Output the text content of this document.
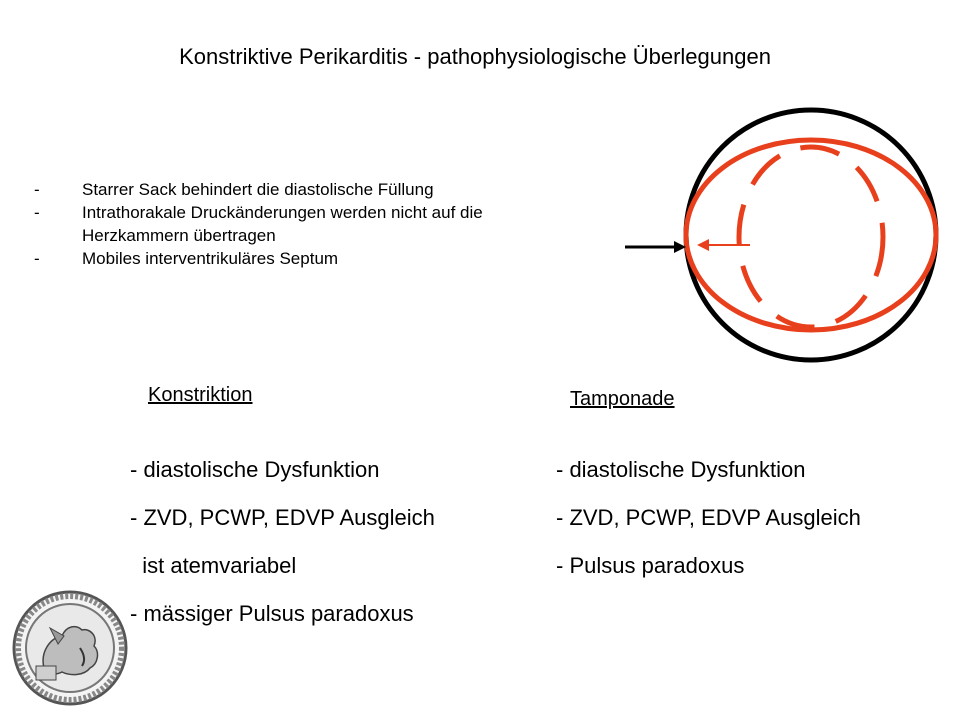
Konstriktive Perikarditis - pathophysiologische Überlegungen
- Starrer Sack behindert die diastolische Füllung
- Intrathorakale Druckänderungen werden nicht auf die Herzkammern übertragen
- Mobiles interventrikuläres Septum
Konstriktion
- diastolische Dysfunktion
- ZVD, PCWP, EDVP Ausgleich
ist atemvariabel
- mässiger Pulsus paradoxus
Tamponade
- diastolische Dysfunktion
- ZVD, PCWP, EDVP Ausgleich
- Pulsus paradoxus
